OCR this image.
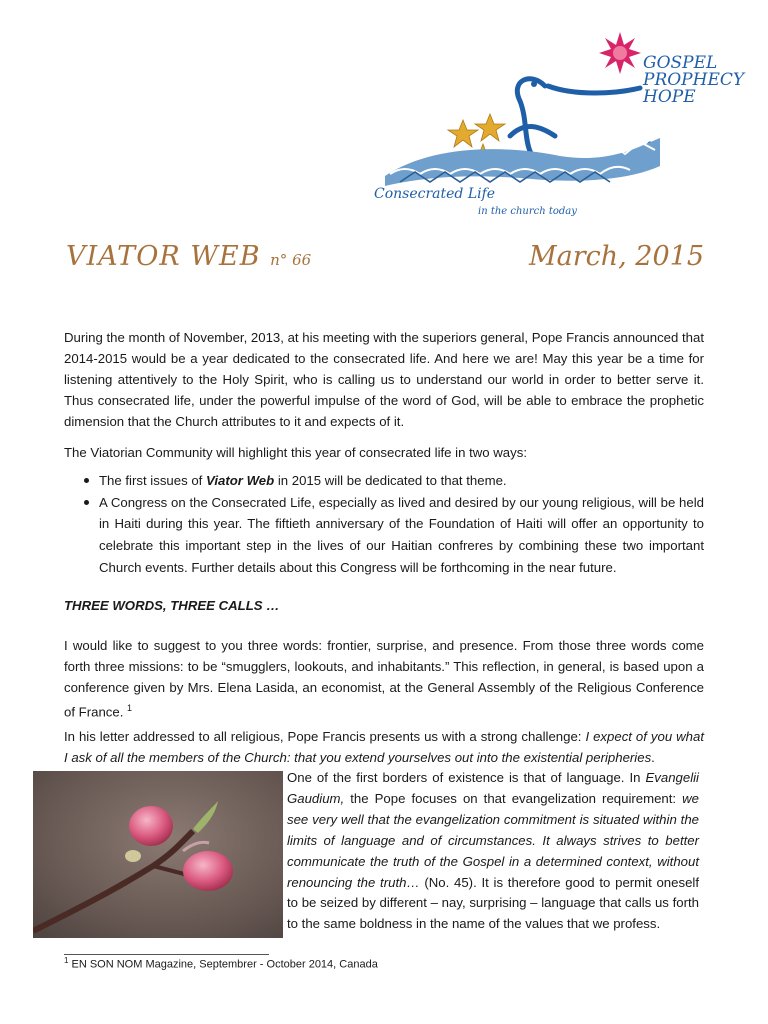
GOSPEL
PROPHECY
HOPE
Consecrated Life
in the church today
VIATOR WEB n° 66	March, 2015

During the month of November, 2013, at his meeting with the superiors general, Pope Francis announced that 2014-2015 would be a year dedicated to the consecrated life. And here we are! May this year be a time for listening attentively to the Holy Spirit, who is calling us to understand our world in order to better serve it. Thus consecrated life, under the powerful impulse of the word of God, will be able to embrace the prophetic dimension that the Church attributes to it and expects of it.

The Viatorian Community will highlight this year of consecrated life in two ways:

The first issues of Viator Web in 2015 will be dedicated to that theme.
A Congress on the Consecrated Life, especially as lived and desired by our young religious, will be held in Haiti during this year. The fiftieth anniversary of the Foundation of Haiti will offer an opportunity to celebrate this important step in the lives of our Haitian confreres by combining these two important Church events. Further details about this Congress will be forthcoming in the near future.
THREE WORDS, THREE CALLS …

I would like to suggest to you three words: frontier, surprise, and presence. From those three words come forth three missions: to be “smugglers, lookouts, and inhabitants.” This reflection, in general, is based upon a conference given by Mrs. Elena Lasida, an economist, at the General Assembly of the Religious Conference of France. $^1$

In his letter addressed to all religious, Pope Francis presents us with a strong challenge: I expect of you what I ask of all the members of the Church: that you extend yourselves out into the existential peripheries.

One of the first borders of existence is that of language. In Evangelii Gaudium, the Pope focuses on that evangelization requirement: we see very well that the evangelization commitment is situated within the limits of language and of circumstances. It always strives to better communicate the truth of the Gospel in a determined context, without renouncing the truth… (No. 45). It is therefore good to permit oneself to be seized by different – nay, surprising – language that calls us forth to the same boldness in the name of the values that we profess.

$^1$ EN SON NOM Magazine, Septembrer - October 2014, Canada
